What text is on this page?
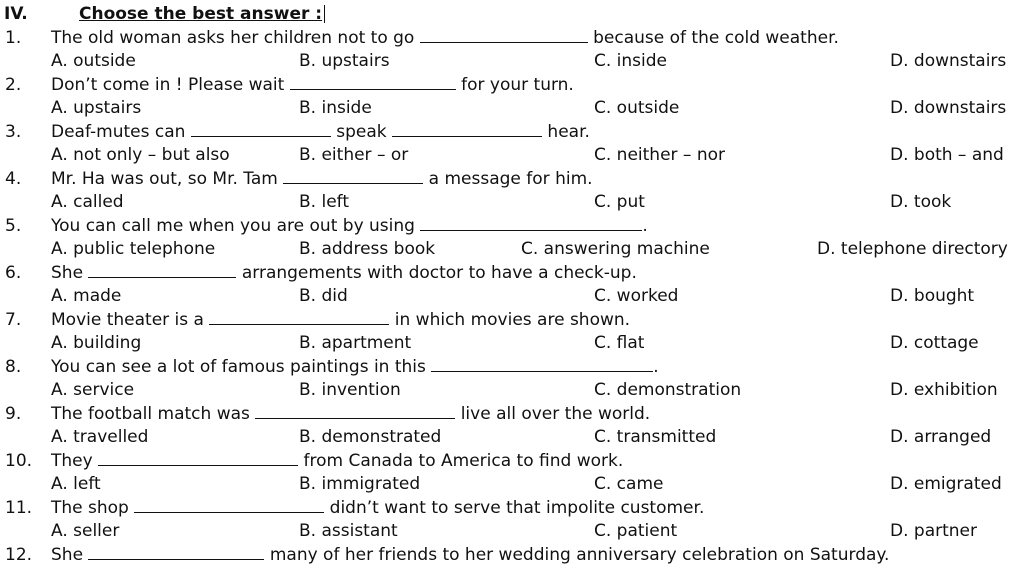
IV.	Choose the best answer :
1. The old woman asks her children not to go	because of the cold weather.
A. outside	B. upstairs	C. inside	D. downstairs
2. Don’t come in ! Please wait	for your turn.
A. upstairs	B. inside	C. outside	D. downstairs
3. Deaf-mutes can	speak	hear.
A. not only – but also	B. either – or	C. neither – nor	D. both – and
4. Mr. Ha was out, so Mr. Tam	a message for him.
A. called	B. left	C. put	D. took
5. You can call me when you are out by using	.
A. public telephone	B. address book	C. answering machine	D. telephone directory
6. She	arrangements with doctor to have a check-up.
A. made	B. did	C. worked	D. bought
7. Movie theater is a	in which movies are shown.
A. building	B. apartment	C. flat	D. cottage
8. You can see a lot of famous paintings in this	.
A. service	B. invention	C. demonstration	D. exhibition
9. The football match was	live all over the world.
A. travelled	B. demonstrated	C. transmitted	D. arranged
10. They	from Canada to America to find work.
A. left	B. immigrated	C. came	D. emigrated
11. The shop	didn’t want to serve that impolite customer.
A. seller	B. assistant	C. patient	D. partner
12. She	many of her friends to her wedding anniversary celebration on Saturday.
